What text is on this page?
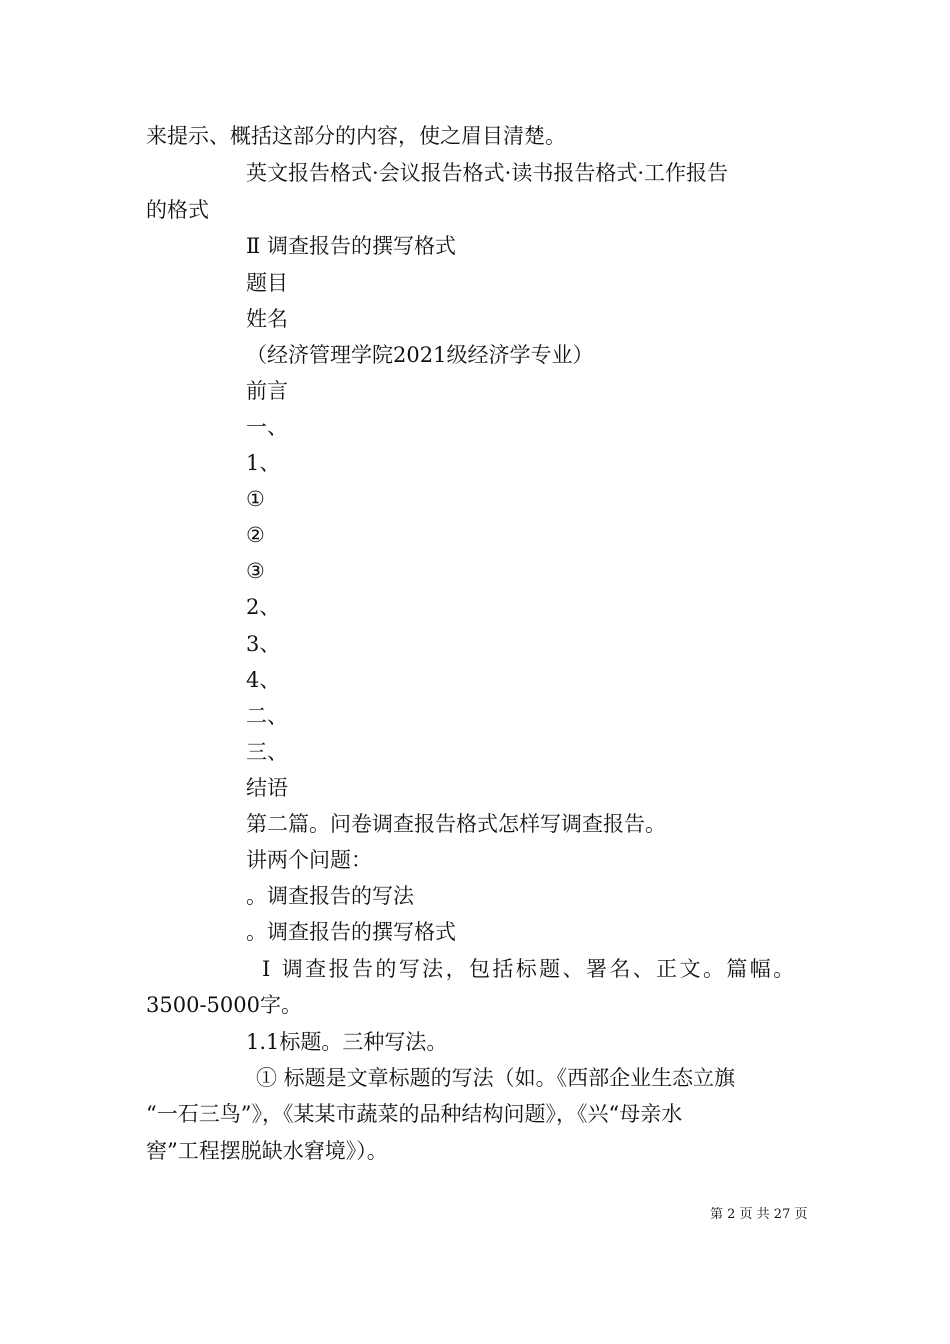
来提示、概括这部分的内容，使之眉目清楚。
英文报告格式·会议报告格式·读书报告格式·工作报告
的格式
Ⅱ 调查报告的撰写格式
题目
姓名
（经济管理学院2021级经济学专业）
前言
一、
1、
①
②
③
2、
3、
4、
二、
三、
结语
第二篇。问卷调查报告格式怎样写调查报告。
讲两个问题：
。调查报告的写法
。调查报告的撰写格式
Ⅰ 调查报告的写法，包括标题、署名、正文。篇幅。
3500-5000字。
1.1标题。三种写法。
① 标题是文章标题的写法（如。《西部企业生态立旗
“一石三鸟”》，《某某市蔬菜的品种结构问题》，《兴“母亲水
窖”工程摆脱缺水窘境》）。
第 2 页 共 27 页
